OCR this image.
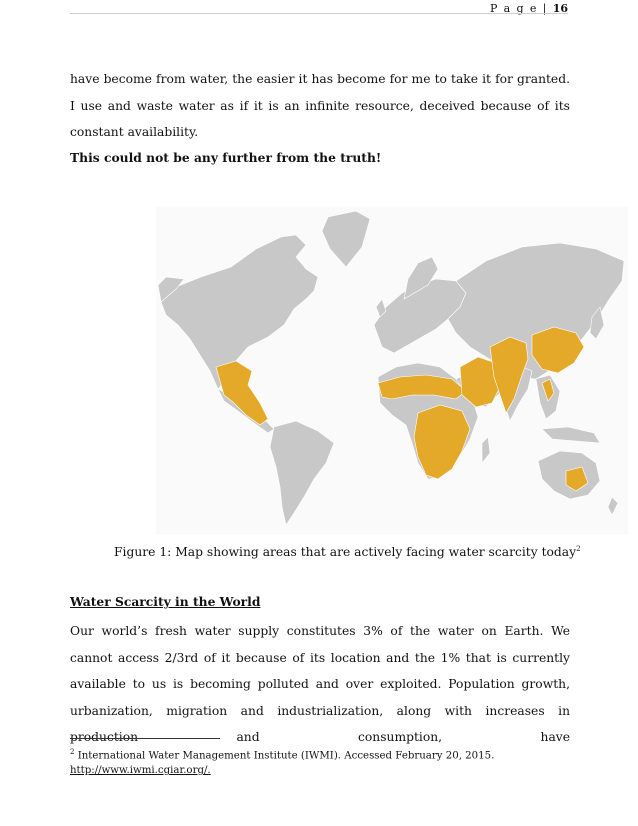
P a g e | 16

have become from water, the easier it has become for me to take it for granted. I use and waste water as if it is an infinite resource, deceived because of its constant availability.

This could not be any further from the truth!

Figure 1: Map showing areas that are actively facing water scarcity today$^2$

Water Scarcity in the World

Our world’s fresh water supply constitutes 3% of the water on Earth. We cannot access 2/3rd of it because of its location and the 1% that is currently available to us is becoming polluted and over exploited. Population growth, urbanization, migration and industrialization, along with increases in production and consumption, have

$^2$ International Water Management Institute (IWMI). Accessed February 20, 2015.
http://www.iwmi.cgiar.org/.
